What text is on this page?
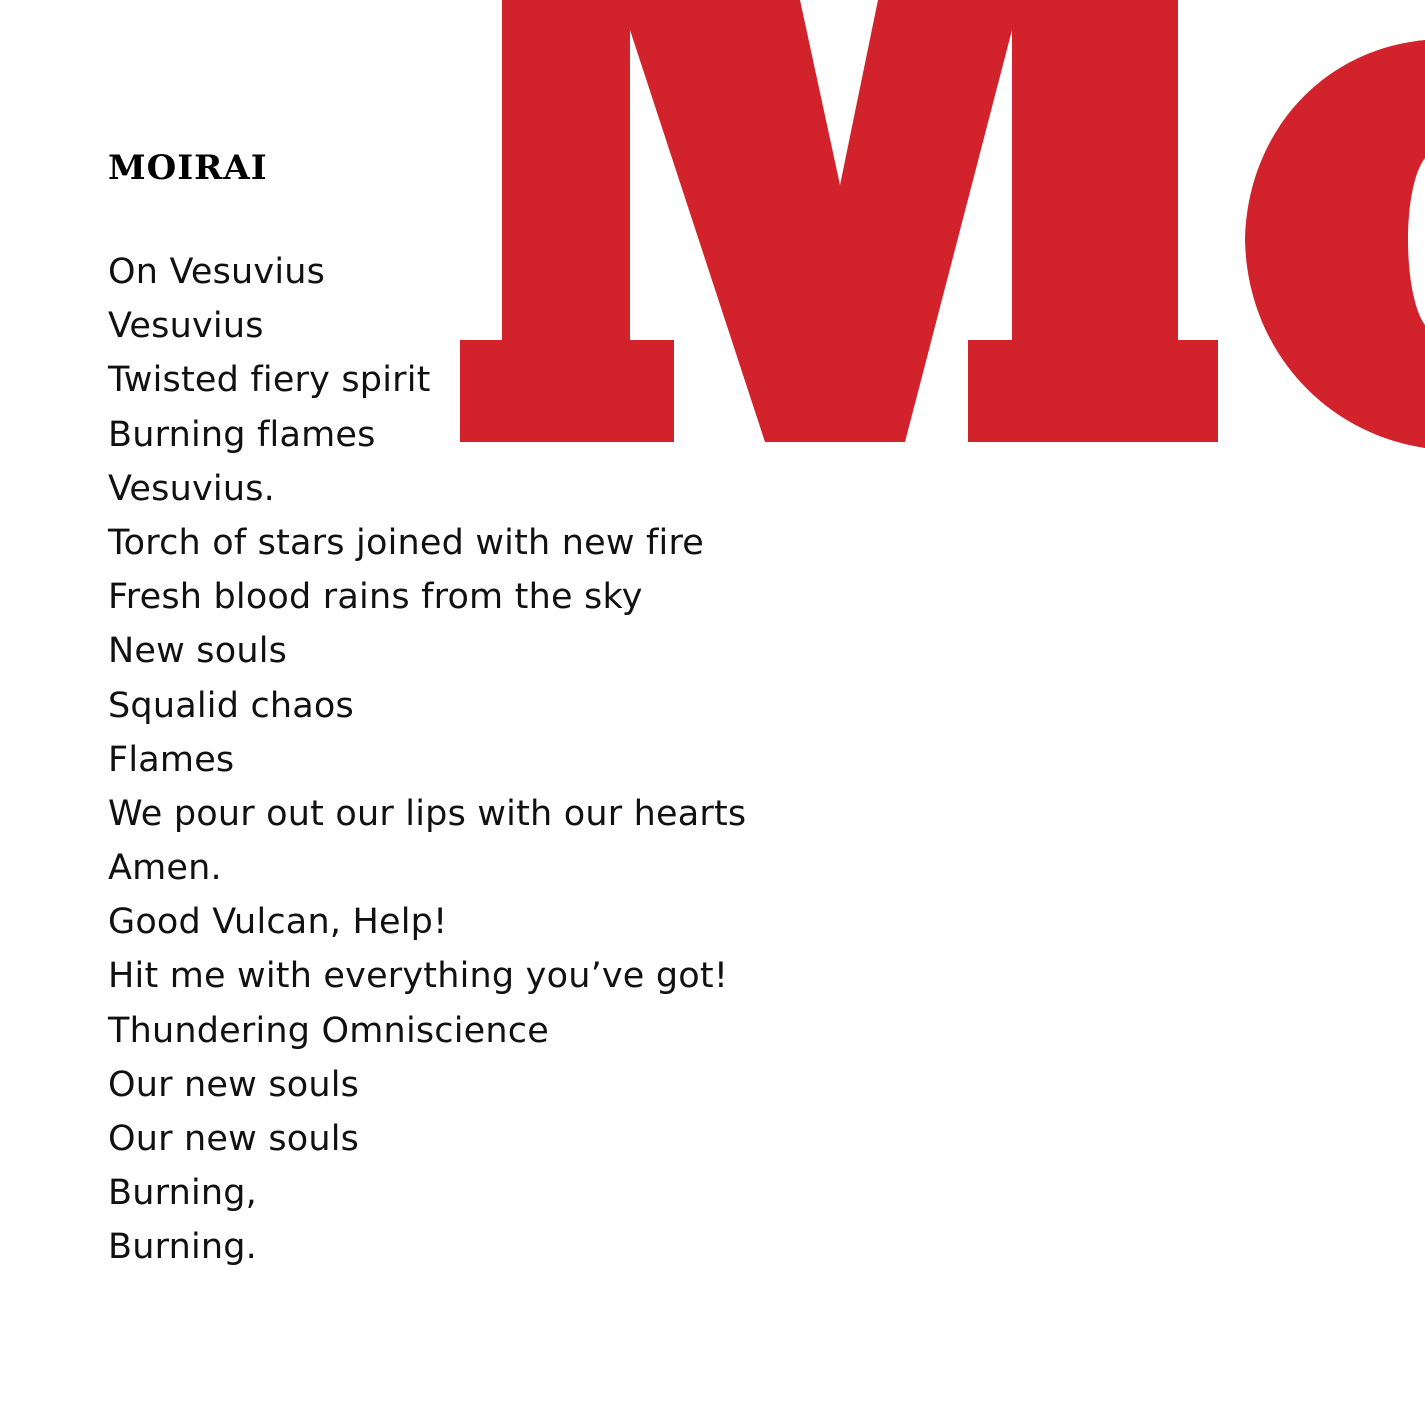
MOIRAI
On Vesuvius
Vesuvius
Twisted fiery spirit
Burning flames
Vesuvius.
Torch of stars joined with new fire
Fresh blood rains from the sky
New souls
Squalid chaos
Flames
We pour out our lips with our hearts
Amen.
Good Vulcan, Help!
Hit me with everything you’ve got!
Thundering Omniscience
Our new souls
Our new souls
Burning,
Burning.
